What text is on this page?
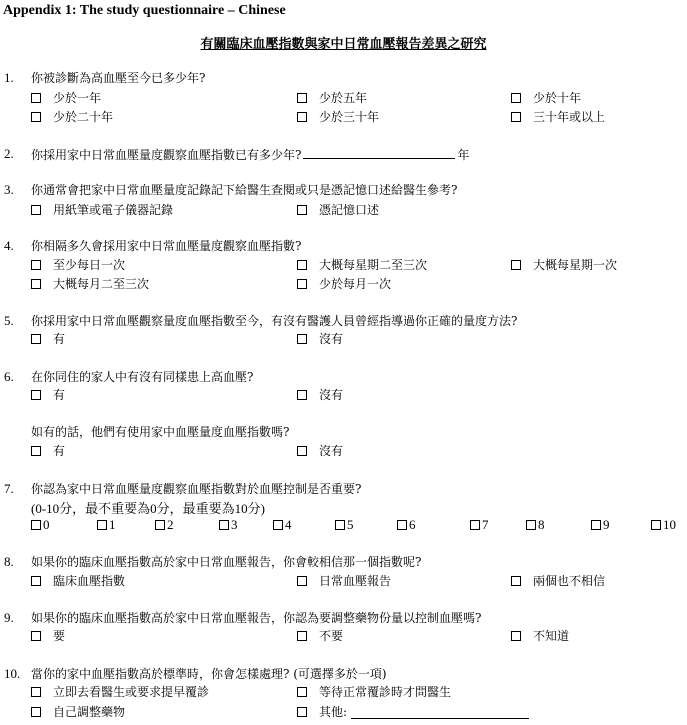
Appendix 1: The study questionnaire – Chinese
有關臨床血壓指數與家中日常血壓報告差異之研究
1. 你被診斷為高血壓至今已多少年?
少於一年	少於五年	少於十年
少於二十年	少於三十年	三十年或以上
2. 你採用家中日常血壓量度觀察血壓指數已有多少年?	年
3. 你通常會把家中日常血壓量度記錄記下給醫生查閱或只是憑記憶口述給醫生參考?
用紙筆或電子儀器記錄	憑記憶口述
4. 你相隔多久會採用家中日常血壓量度觀察血壓指數?
至少每日一次	大概每星期二至三次	大概每星期一次
大概每月二至三次	少於每月一次
5. 你採用家中日常血壓觀察量度血壓指數至今，有沒有醫護人員曾經指導過你正確的量度方法?
有	沒有
6. 在你同住的家人中有沒有同樣患上高血壓?
有	沒有
如有的話，他們有使用家中血壓量度血壓指數嗎?
有	沒有
7. 你認為家中日常血壓量度觀察血壓指數對於血壓控制是否重要?
(0-10分，最不重要為0分，最重要為10分)
0	1	2	3	4	5	6	7	8	9	10
8. 如果你的臨床血壓指數高於家中日常血壓報告，你會較相信那一個指數呢?
臨床血壓指數	日常血壓報告	兩個也不相信
9. 如果你的臨床血壓指數高於家中日常血壓報告，你認為要調整藥物份量以控制血壓嗎?
要	不要	不知道
10. 當你的家中血壓指數高於標準時，你會怎樣處理? (可選擇多於一項)
立即去看醫生或要求提早覆診	等待正常覆診時才問醫生
自己調整藥物	其他:
